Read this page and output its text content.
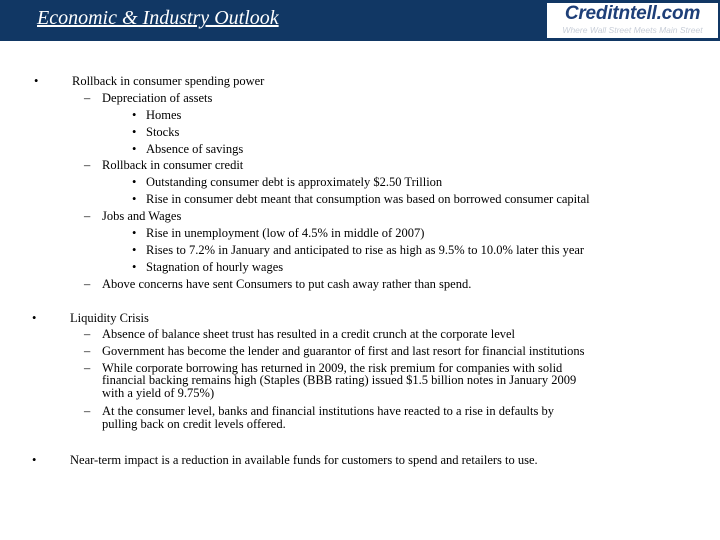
Economic & Industry Outlook	Creditntell.com
Where Wall Street Meets Main Street
•	Rollback in consumer spending power
– Depreciation of assets
• Homes
• Stocks
• Absence of savings
– Rollback in consumer credit
• Outstanding consumer debt is approximately $2.50 Trillion
• Rise in consumer debt meant that consumption was based on borrowed consumer capital
– Jobs and Wages
• Rise in unemployment (low of 4.5% in middle of 2007)
• Rises to 7.2% in January and anticipated to rise as high as 9.5% to 10.0% later this year
• Stagnation of hourly wages
– Above concerns have sent Consumers to put cash away rather than spend.
•	Liquidity Crisis
– Absence of balance sheet trust has resulted in a credit crunch at the corporate level
– Government has become the lender and guarantor of first and last resort for financial institutions
– While corporate borrowing has returned in 2009, the risk premium for companies with solid
financial backing remains high (Staples (BBB rating) issued $1.5 billion notes in January 2009
with a yield of 9.75%)
– At the consumer level, banks and financial institutions have reacted to a rise in defaults by
pulling back on credit levels offered.
•	Near-term impact is a reduction in available funds for customers to spend and retailers to use.
